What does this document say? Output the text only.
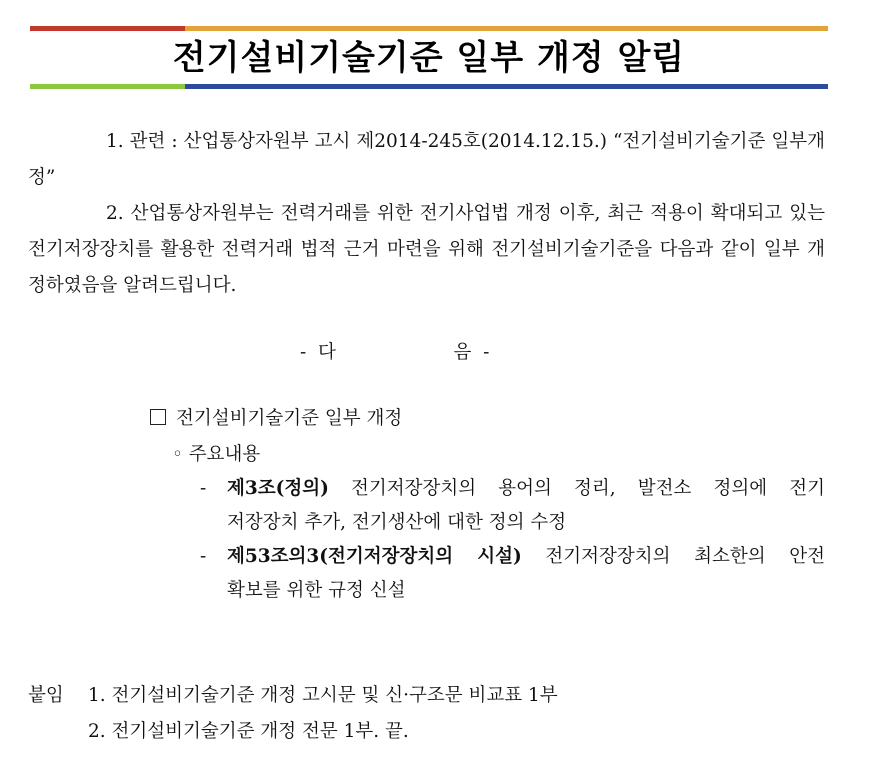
전기설비기술기준 일부 개정 알림

1. 관련 : 산업통상자원부 고시 제2014-245호(2014.12.15.) “전기설비기술기준 일부개정”

2. 산업통상자원부는 전력거래를 위한 전기사업법 개정 이후, 최근 적용이 확대되고 있는 전기저장장치를 활용한 전력거래 법적 근거 마련을 위해 전기설비기술기준을 다음과 같이 일부 개정하였음을 알려드립니다.

-  다	음  -
전기설비기술기준 일부 개정
◦ 주요내용
-	제3조(정의) 전기저장장치의 용어의 정리, 발전소 정의에 전기
저장장치 추가, 전기생산에 대한 정의 수정
-	제53조의3(전기저장장치의 시설) 전기저장장치의 최소한의 안전
확보를 위한 규정 신설
붙임 1. 전기설비기술기준 개정 고시문 및 신·구조문 비교표 1부
2. 전기설비기술기준 개정 전문 1부. 끝.
